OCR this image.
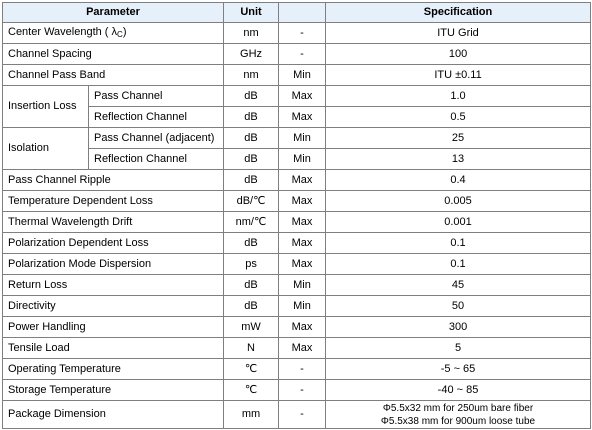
Parameter		Unit		Specification
Center Wavelength ( $\lambda_C$)		nm	-	ITU Grid
Channel Spacing		GHz	-	100
Channel Pass Band		nm	Min	ITU ±0.11
Insertion Loss	Pass Channel	dB	Max	1.0
	Reflection Channel	dB	Max	0.5
Isolation	Pass Channel (adjacent)	dB	Min	25
	Reflection Channel	dB	Min	13
Pass Channel Ripple		dB	Max	0.4
Temperature Dependent Loss		dB/℃	Max	0.005
Thermal Wavelength Drift		nm/℃	Max	0.001
Polarization Dependent Loss		dB	Max	0.1
Polarization Mode Dispersion		ps	Max	0.1
Return Loss		dB	Min	45
Directivity		dB	Min	50
Power Handling		mW	Max	300
Tensile Load		N	Max	5
Operating Temperature		℃	-	-5 ~ 65
Storage Temperature		℃	-	-40 ~ 85
Package Dimension		mm	-	Φ5.5x32 mm for 250um bare fiber
Φ5.5x38 mm for 900um loose tube
